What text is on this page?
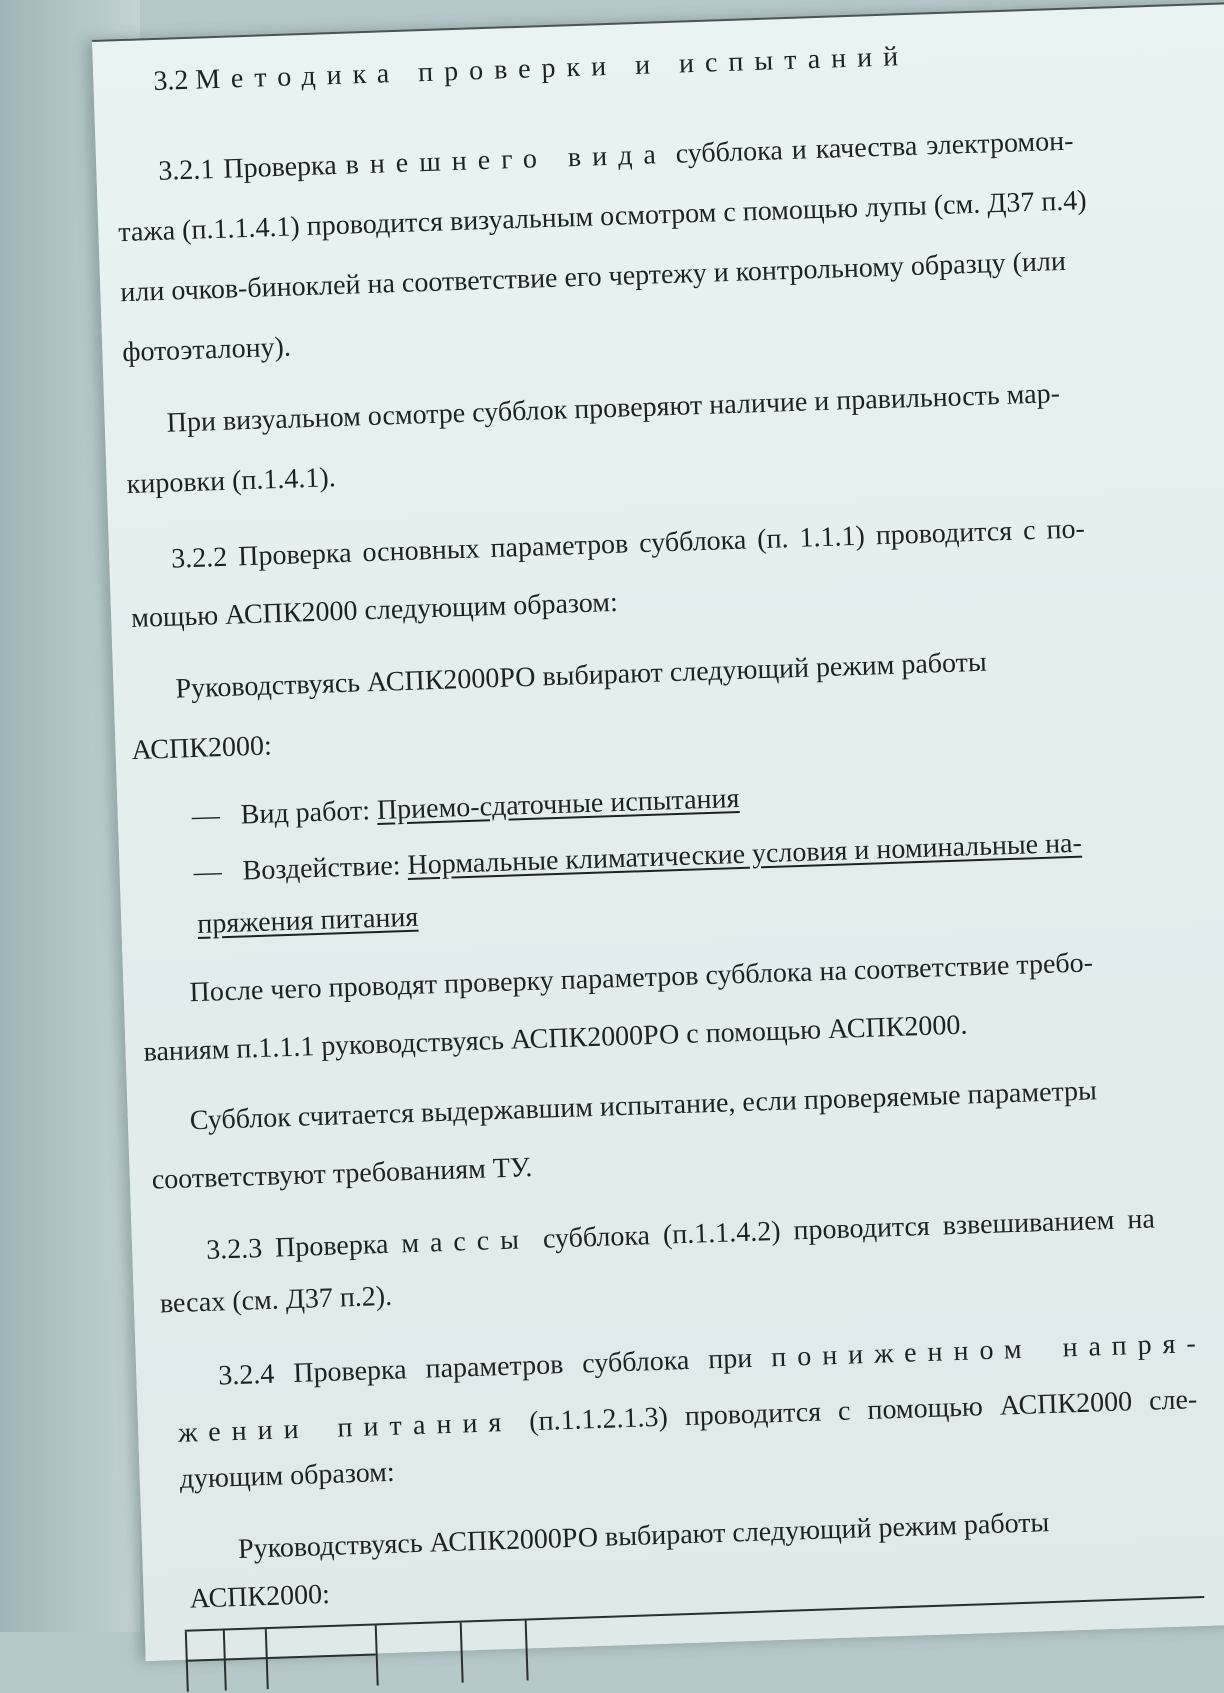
3.2 Методика проверки и испытаний

3.2.1 Проверка внешнего вида субблока и качества электромон-

тажа (п.1.1.4.1) проводится визуальным осмотром с помощью лупы (см. Д37 п.4)

или очков-биноклей на соответствие его чертежу и контрольному образцу (или

фотоэталону).

При визуальном осмотре субблок проверяют наличие и правильность мар-

кировки (п.1.4.1).

3.2.2 Проверка основных параметров субблока (п. 1.1.1) проводится с по-

мощью АСПК2000 следующим образом:

Руководствуясь АСПК2000РО выбирают следующий режим работы

АСПК2000:

— Вид работ: Приемо-сдаточные испытания

— Воздействие: Нормальные климатические условия и номинальные на-

пряжения питания

После чего проводят проверку параметров субблока на соответствие требо-

ваниям п.1.1.1 руководствуясь АСПК2000РО с помощью АСПК2000.

Субблок считается выдержавшим испытание, если проверяемые параметры

соответствуют требованиям ТУ.

3.2.3 Проверка массы субблока (п.1.1.4.2) проводится взвешиванием на

весах (см. Д37 п.2).

3.2.4 Проверка параметров субблока при пониженном напря-

жении питания (п.1.1.2.1.3) проводится с помощью АСПК2000 сле-

дующим образом:

Руководствуясь АСПК2000РО выбирают следующий режим работы

АСПК2000:
